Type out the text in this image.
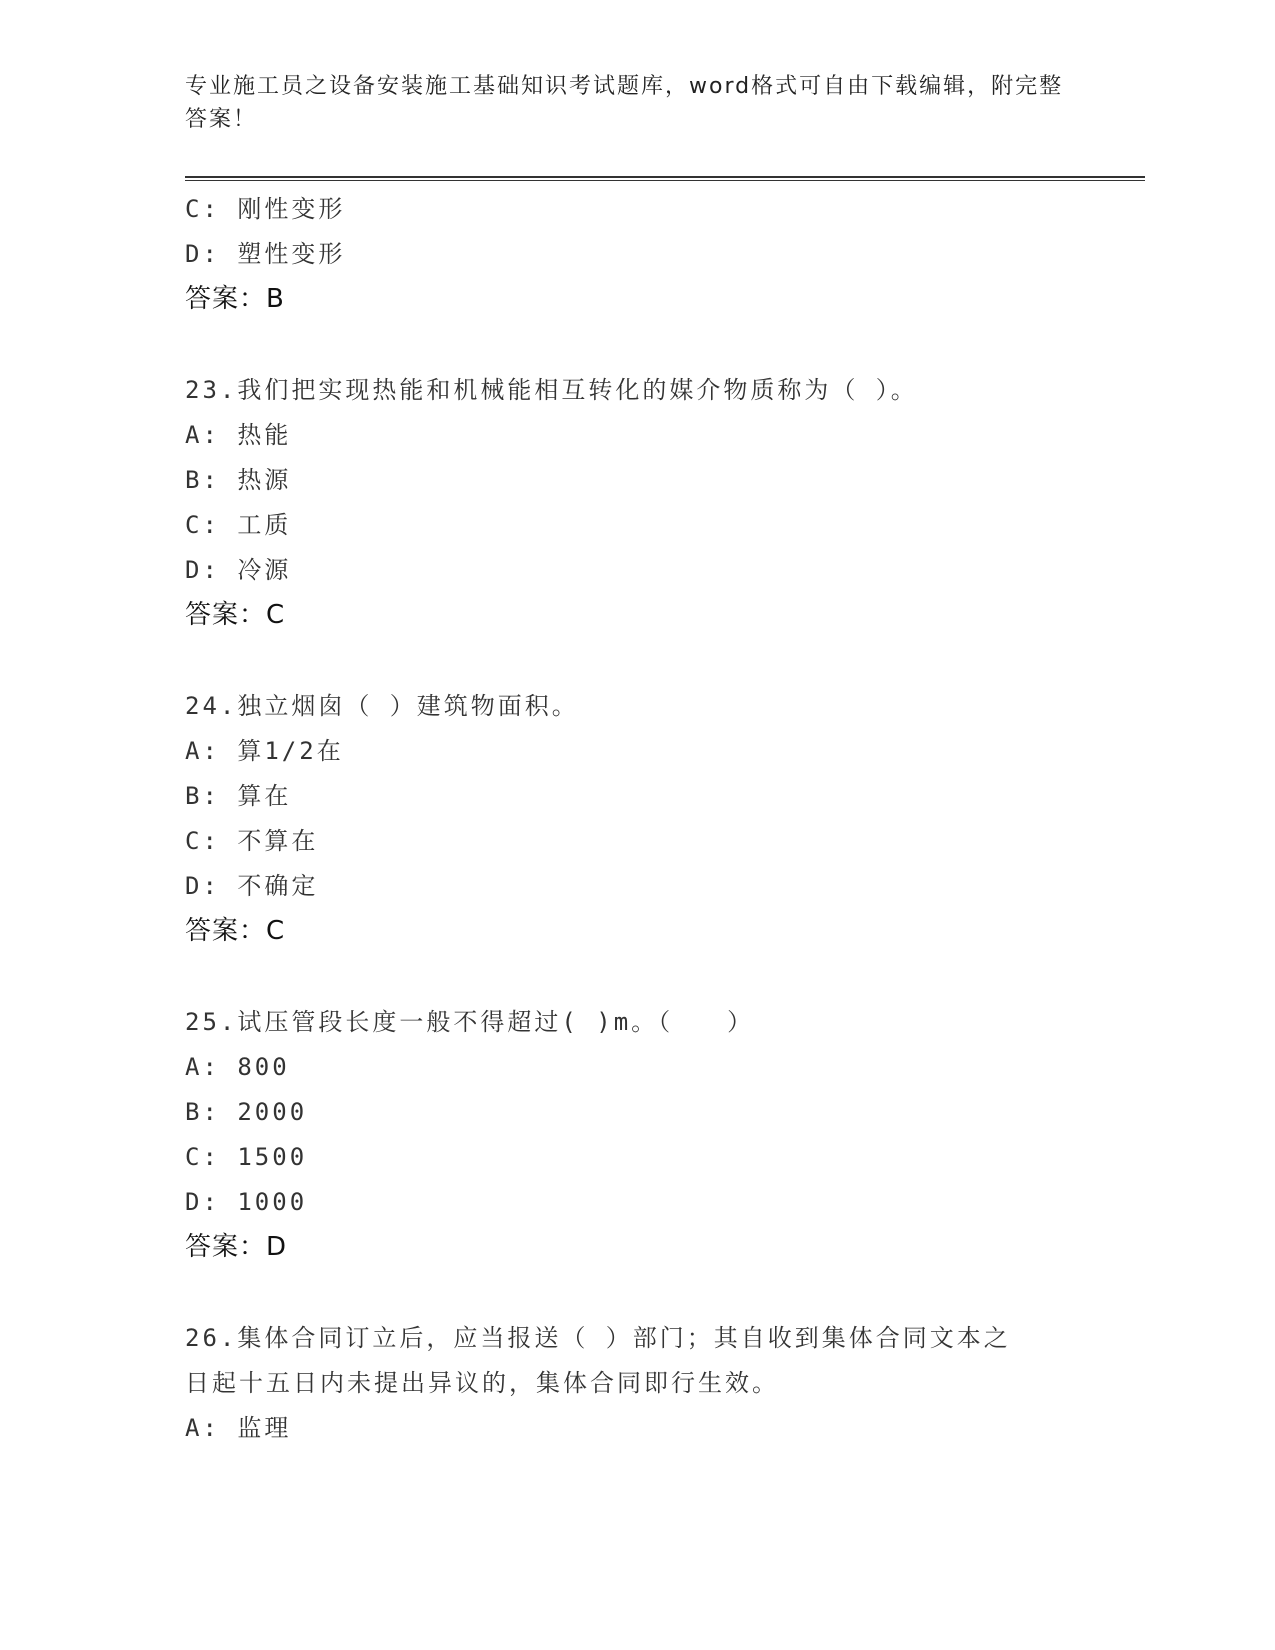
专业施工员之设备安装施工基础知识考试题库，word格式可自由下载编辑，附完整答案！
C: 刚性变形
D: 塑性变形
答案：B
23.我们把实现热能和机械能相互转化的媒介物质称为（ ）。
A: 热能
B: 热源
C: 工质
D: 冷源
答案：C
24.独立烟囱（ ）建筑物面积。
A: 算1/2在
B: 算在
C: 不算在
D: 不确定
答案：C
25.试压管段长度一般不得超过( )m。（　　）
A: 800
B: 2000
C: 1500
D: 1000
答案：D
26.集体合同订立后，应当报送（ ）部门；其自收到集体合同文本之
日起十五日内未提出异议的，集体合同即行生效。
A: 监理
